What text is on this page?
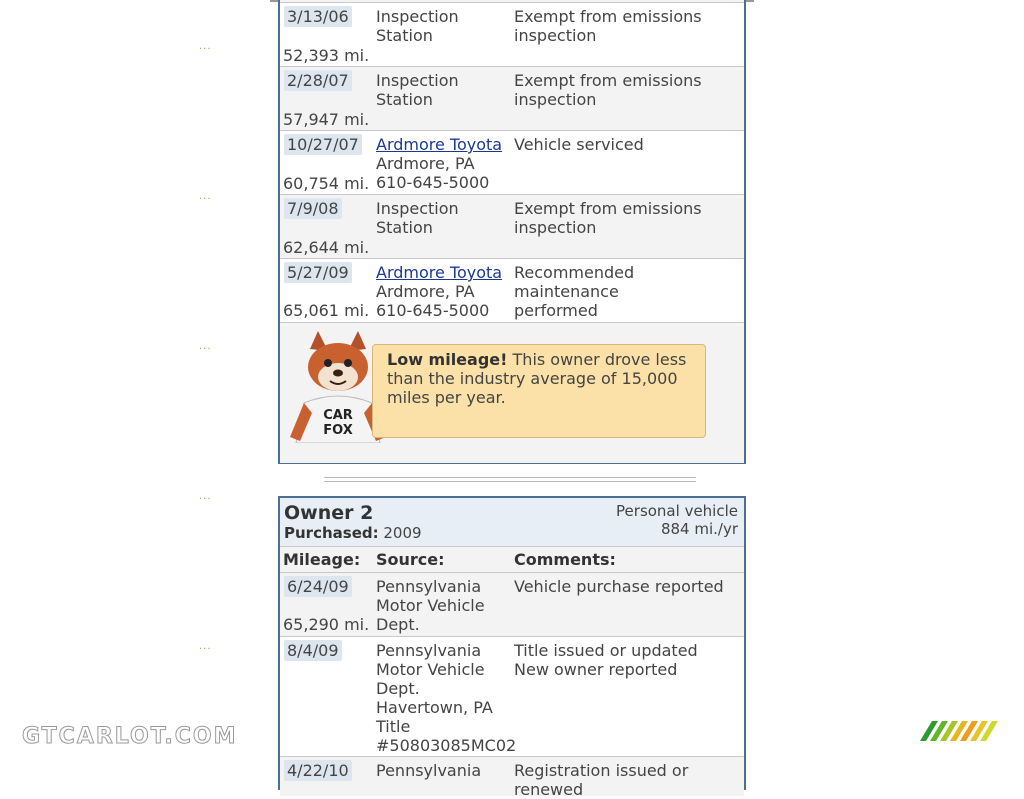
3/13/06
52,393 mi.
Inspection Station
Exempt from emissions
inspection
2/28/07
57,947 mi.
Inspection Station
Exempt from emissions
inspection
10/27/07
60,754 mi.
Ardmore Toyota
Ardmore, PA
610-645-5000
Vehicle serviced
7/9/08
62,644 mi.
Inspection Station
Exempt from emissions
inspection
5/27/09
65,061 mi.
Ardmore Toyota
Ardmore, PA
610-645-5000
Recommended maintenance
performed
CAR
FOX
Low mileage! This owner drove less than the industry average of 15,000 miles per year.
Owner 2
Purchased: 2009
Personal vehicle
884 mi./yr
Mileage: Source:	Comments:
6/24/09
65,290 mi.
Pennsylvania
Motor Vehicle
Dept.
Vehicle purchase reported
8/4/09 Pennsylvania
Motor Vehicle
Dept.
Havertown, PA
Title
#50803085MC02
Title issued or updated
New owner reported
4/22/10 Pennsylvania	Registration issued or renewed
···
···
···
···
···
GTCARLOT.COM
